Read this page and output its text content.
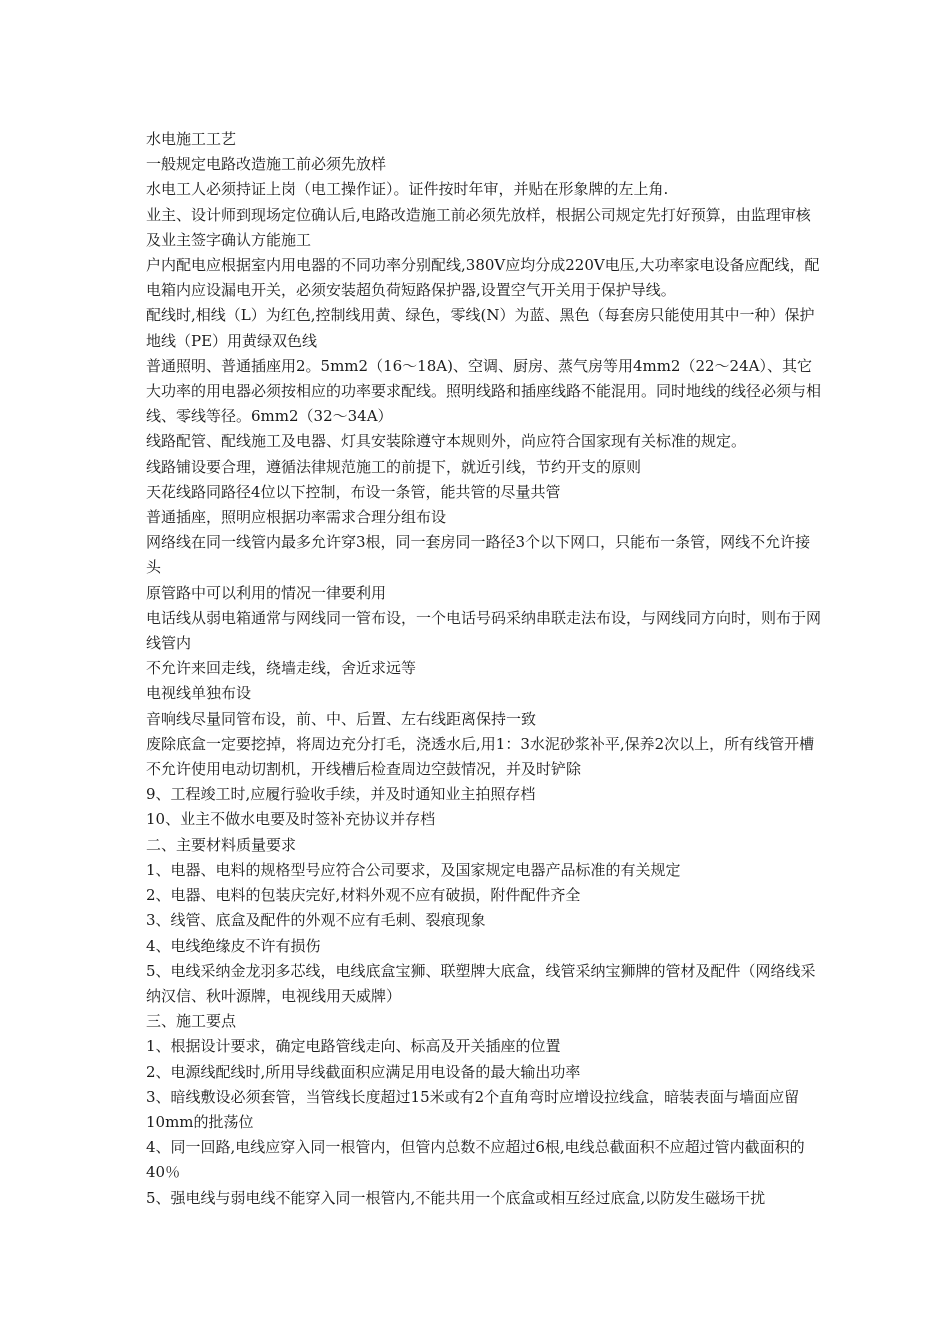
水电施工工艺

一般规定电路改造施工前必须先放样

水电工人必须持证上岗（电工操作证）。证件按时年审，并贴在形象牌的左上角.

业主、设计师到现场定位确认后,电路改造施工前必须先放样，根据公司规定先打好预算，由监理审核及业主签字确认方能施工

户内配电应根据室内用电器的不同功率分别配线,380V应均分成220V电压,大功率家电设备应配线，配电箱内应设漏电开关，必须安装超负荷短路保护器,设置空气开关用于保护导线。

配线时,相线（L）为红色,控制线用黄、绿色，零线(N）为蓝、黑色（每套房只能使用其中一种）保护地线（PE）用黄绿双色线

普通照明、普通插座用2。5mm2（16～18A)、空调、厨房、蒸气房等用4mm2（22～24A）、其它大功率的用电器必须按相应的功率要求配线。照明线路和插座线路不能混用。同时地线的线径必须与相线、零线等径。6mm2（32～34A）

线路配管、配线施工及电器、灯具安装除遵守本规则外，尚应符合国家现有关标准的规定。

线路铺设要合理，遵循法律规范施工的前提下，就近引线，节约开支的原则

天花线路同路径4位以下控制，布设一条管，能共管的尽量共管

普通插座，照明应根据功率需求合理分组布设

网络线在同一线管内最多允许穿3根，同一套房同一路径3个以下网口，只能布一条管，网线不允许接头

原管路中可以利用的情况一律要利用

电话线从弱电箱通常与网线同一管布设，一个电话号码采纳串联走法布设，与网线同方向时，则布于网线管内

不允许来回走线，绕墙走线，舍近求远等

电视线单独布设

音响线尽量同管布设，前、中、后置、左右线距离保持一致

废除底盒一定要挖掉，将周边充分打毛，浇透水后,用1：3水泥砂浆补平,保养2次以上，所有线管开槽不允许使用电动切割机，开线槽后检查周边空鼓情况，并及时铲除

9、工程竣工时,应履行验收手续，并及时通知业主拍照存档

10、业主不做水电要及时签补充协议并存档

二、主要材料质量要求

1、电器、电料的规格型号应符合公司要求，及国家规定电器产品标准的有关规定

2、电器、电料的包装庆完好,材料外观不应有破损，附件配件齐全

3、线管、底盒及配件的外观不应有毛刺、裂痕现象

4、电线绝缘皮不许有损伤

5、电线采纳金龙羽多芯线，电线底盒宝狮、联塑牌大底盒，线管采纳宝狮牌的管材及配件（网络线采纳汉信、秋叶源牌，电视线用天威牌）

三、施工要点

1、根据设计要求，确定电路管线走向、标高及开关插座的位置

2、电源线配线时,所用导线截面积应满足用电设备的最大输出功率

3、暗线敷设必须套管，当管线长度超过15米或有2个直角弯时应增设拉线盒，暗装表面与墙面应留10mm的批荡位

4、同一回路,电线应穿入同一根管内，但管内总数不应超过6根,电线总截面积不应超过管内截面积的40％

5、强电线与弱电线不能穿入同一根管内,不能共用一个底盒或相互经过底盒,以防发生磁场干扰
